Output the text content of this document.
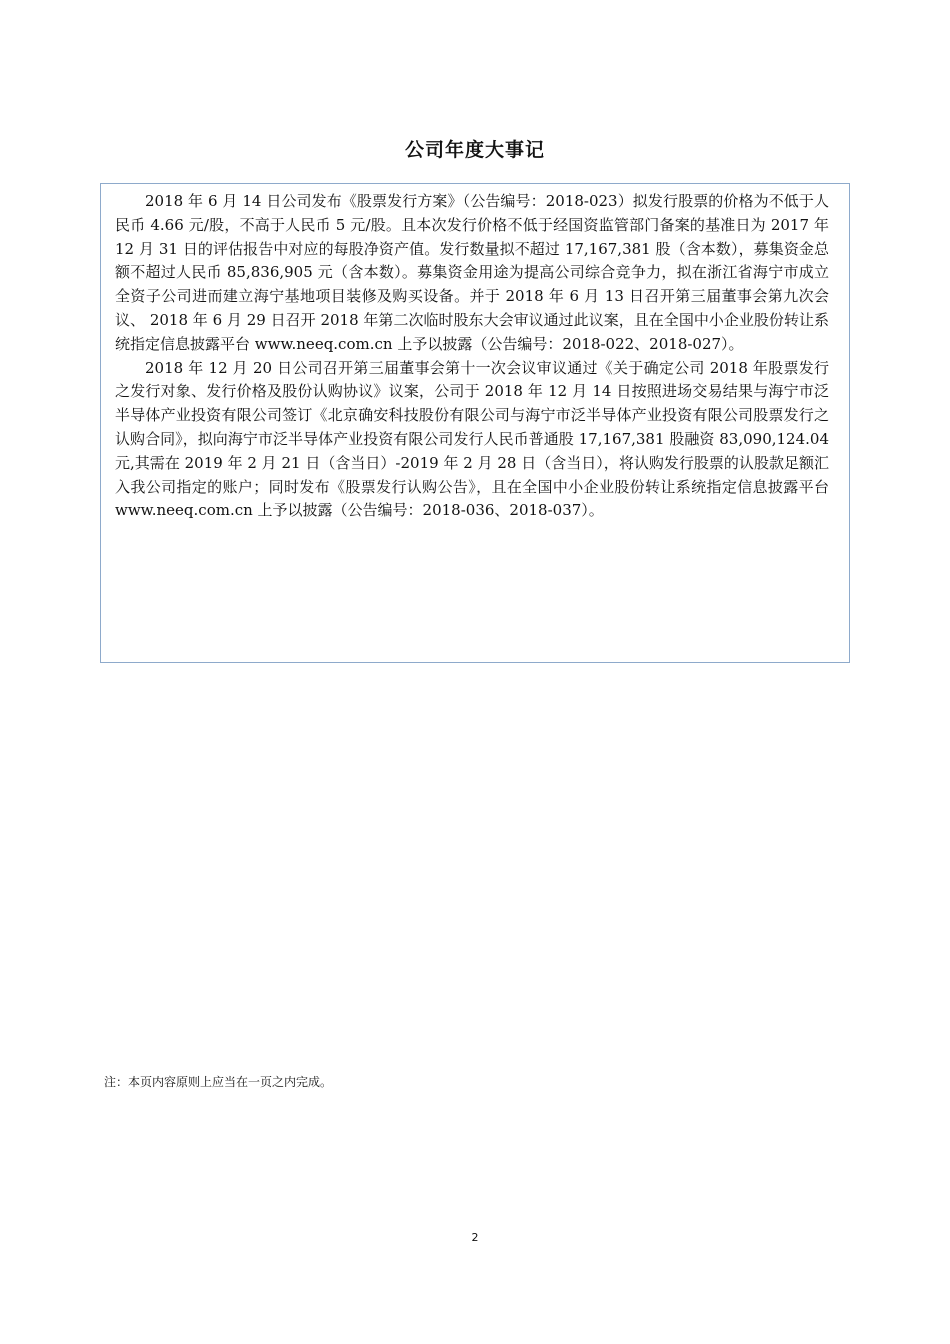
公司年度大事记

2018 年 6 月 14 日公司发布《股票发行方案》（公告编号：2018-023）拟发行股票的价格为不低于人民币 4.66 元/股，不高于人民币 5 元/股。且本次发行价格不低于经国资监管部门备案的基准日为 2017 年 12 月 31 日的评估报告中对应的每股净资产值。发行数量拟不超过 17,167,381 股（含本数），募集资金总额不超过人民币 85,836,905 元（含本数）。募集资金用途为提高公司综合竞争力，拟在浙江省海宁市成立全资子公司进而建立海宁基地项目装修及购买设备。并于 2018 年 6 月 13 日召开第三届董事会第九次会议、 2018 年 6 月 29 日召开 2018 年第二次临时股东大会审议通过此议案，且在全国中小企业股份转让系统指定信息披露平台 www.neeq.com.cn 上予以披露（公告编号：2018-022、2018-027）。

2018 年 12 月 20 日公司召开第三届董事会第十一次会议审议通过《关于确定公司 2018 年股票发行之发行对象、发行价格及股份认购协议》议案，公司于 2018 年 12 月 14 日按照进场交易结果与海宁市泛半导体产业投资有限公司签订《北京确安科技股份有限公司与海宁市泛半导体产业投资有限公司股票发行之认购合同》，拟向海宁市泛半导体产业投资有限公司发行人民币普通股 17,167,381 股融资 83,090,124.04 元,其需在 2019 年 2 月 21 日（含当日）-2019 年 2 月 28 日（含当日），将认购发行股票的认股款足额汇入我公司指定的账户；同时发布《股票发行认购公告》，且在全国中小企业股份转让系统指定信息披露平台 www.neeq.com.cn 上予以披露（公告编号：2018-036、2018-037）。

注：本页内容原则上应当在一页之内完成。
2
